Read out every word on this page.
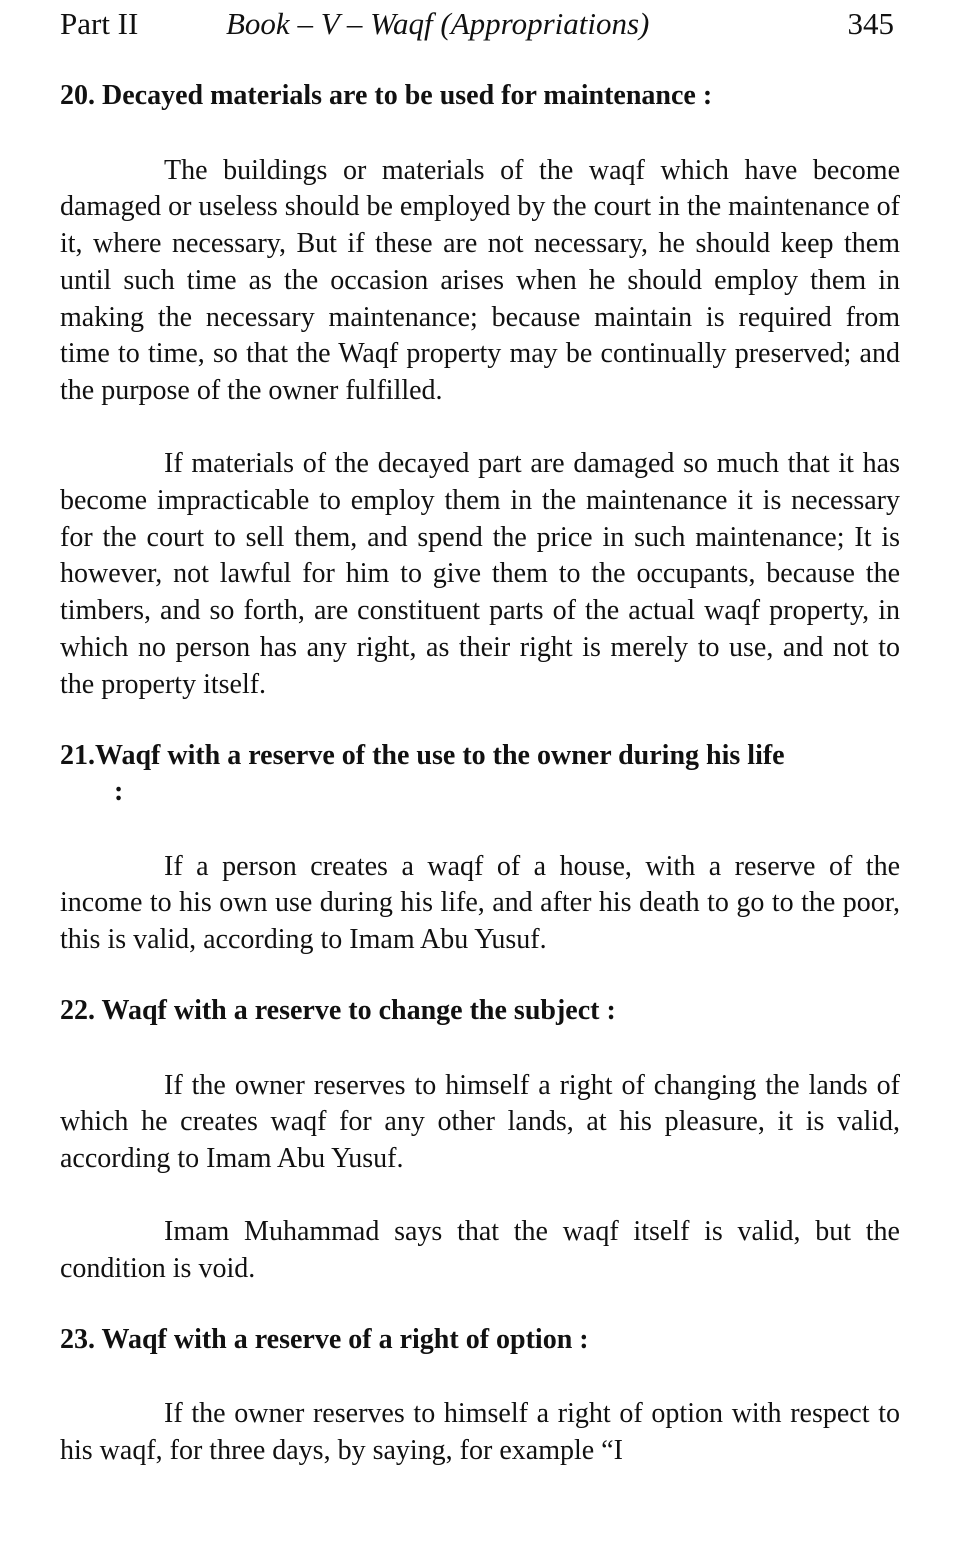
Part II	Book – V – Waqf (Appropriations)	345

20. Decayed materials are to be used for maintenance :

The buildings or materials of the waqf which have become damaged or useless should be employed by the court in the maintenance of it, where necessary, But if these are not necessary, he should keep them until such time as the occasion arises when he should employ them in making the necessary maintenance; because maintain is required from time to time, so that the Waqf property may be continually preserved; and the purpose of the owner fulfilled.

If materials of the decayed part are damaged so much that it has become impracticable to employ them in the maintenance it is necessary for the court to sell them, and spend the price in such maintenance; It is however, not lawful for him to give them to the occupants, because the timbers, and so forth, are constituent parts of the actual waqf property, in which no person has any right, as their right is merely to use, and not to the property itself.

21.Waqf with a reserve of the use to the owner during his life
:

If a person creates a waqf of a house, with a reserve of the income to his own use during his life, and after his death to go to the poor, this is valid, according to Imam Abu Yusuf.

22. Waqf with a reserve to change the subject :

If the owner reserves to himself a right of changing the lands of which he creates waqf for any other lands, at his pleasure, it is valid, according to Imam Abu Yusuf.

Imam Muhammad says that the waqf itself is valid, but the condition is void.

23. Waqf with a reserve of a right of option :

If the owner reserves to himself a right of option with respect to his waqf, for three days, by saying, for example “I
